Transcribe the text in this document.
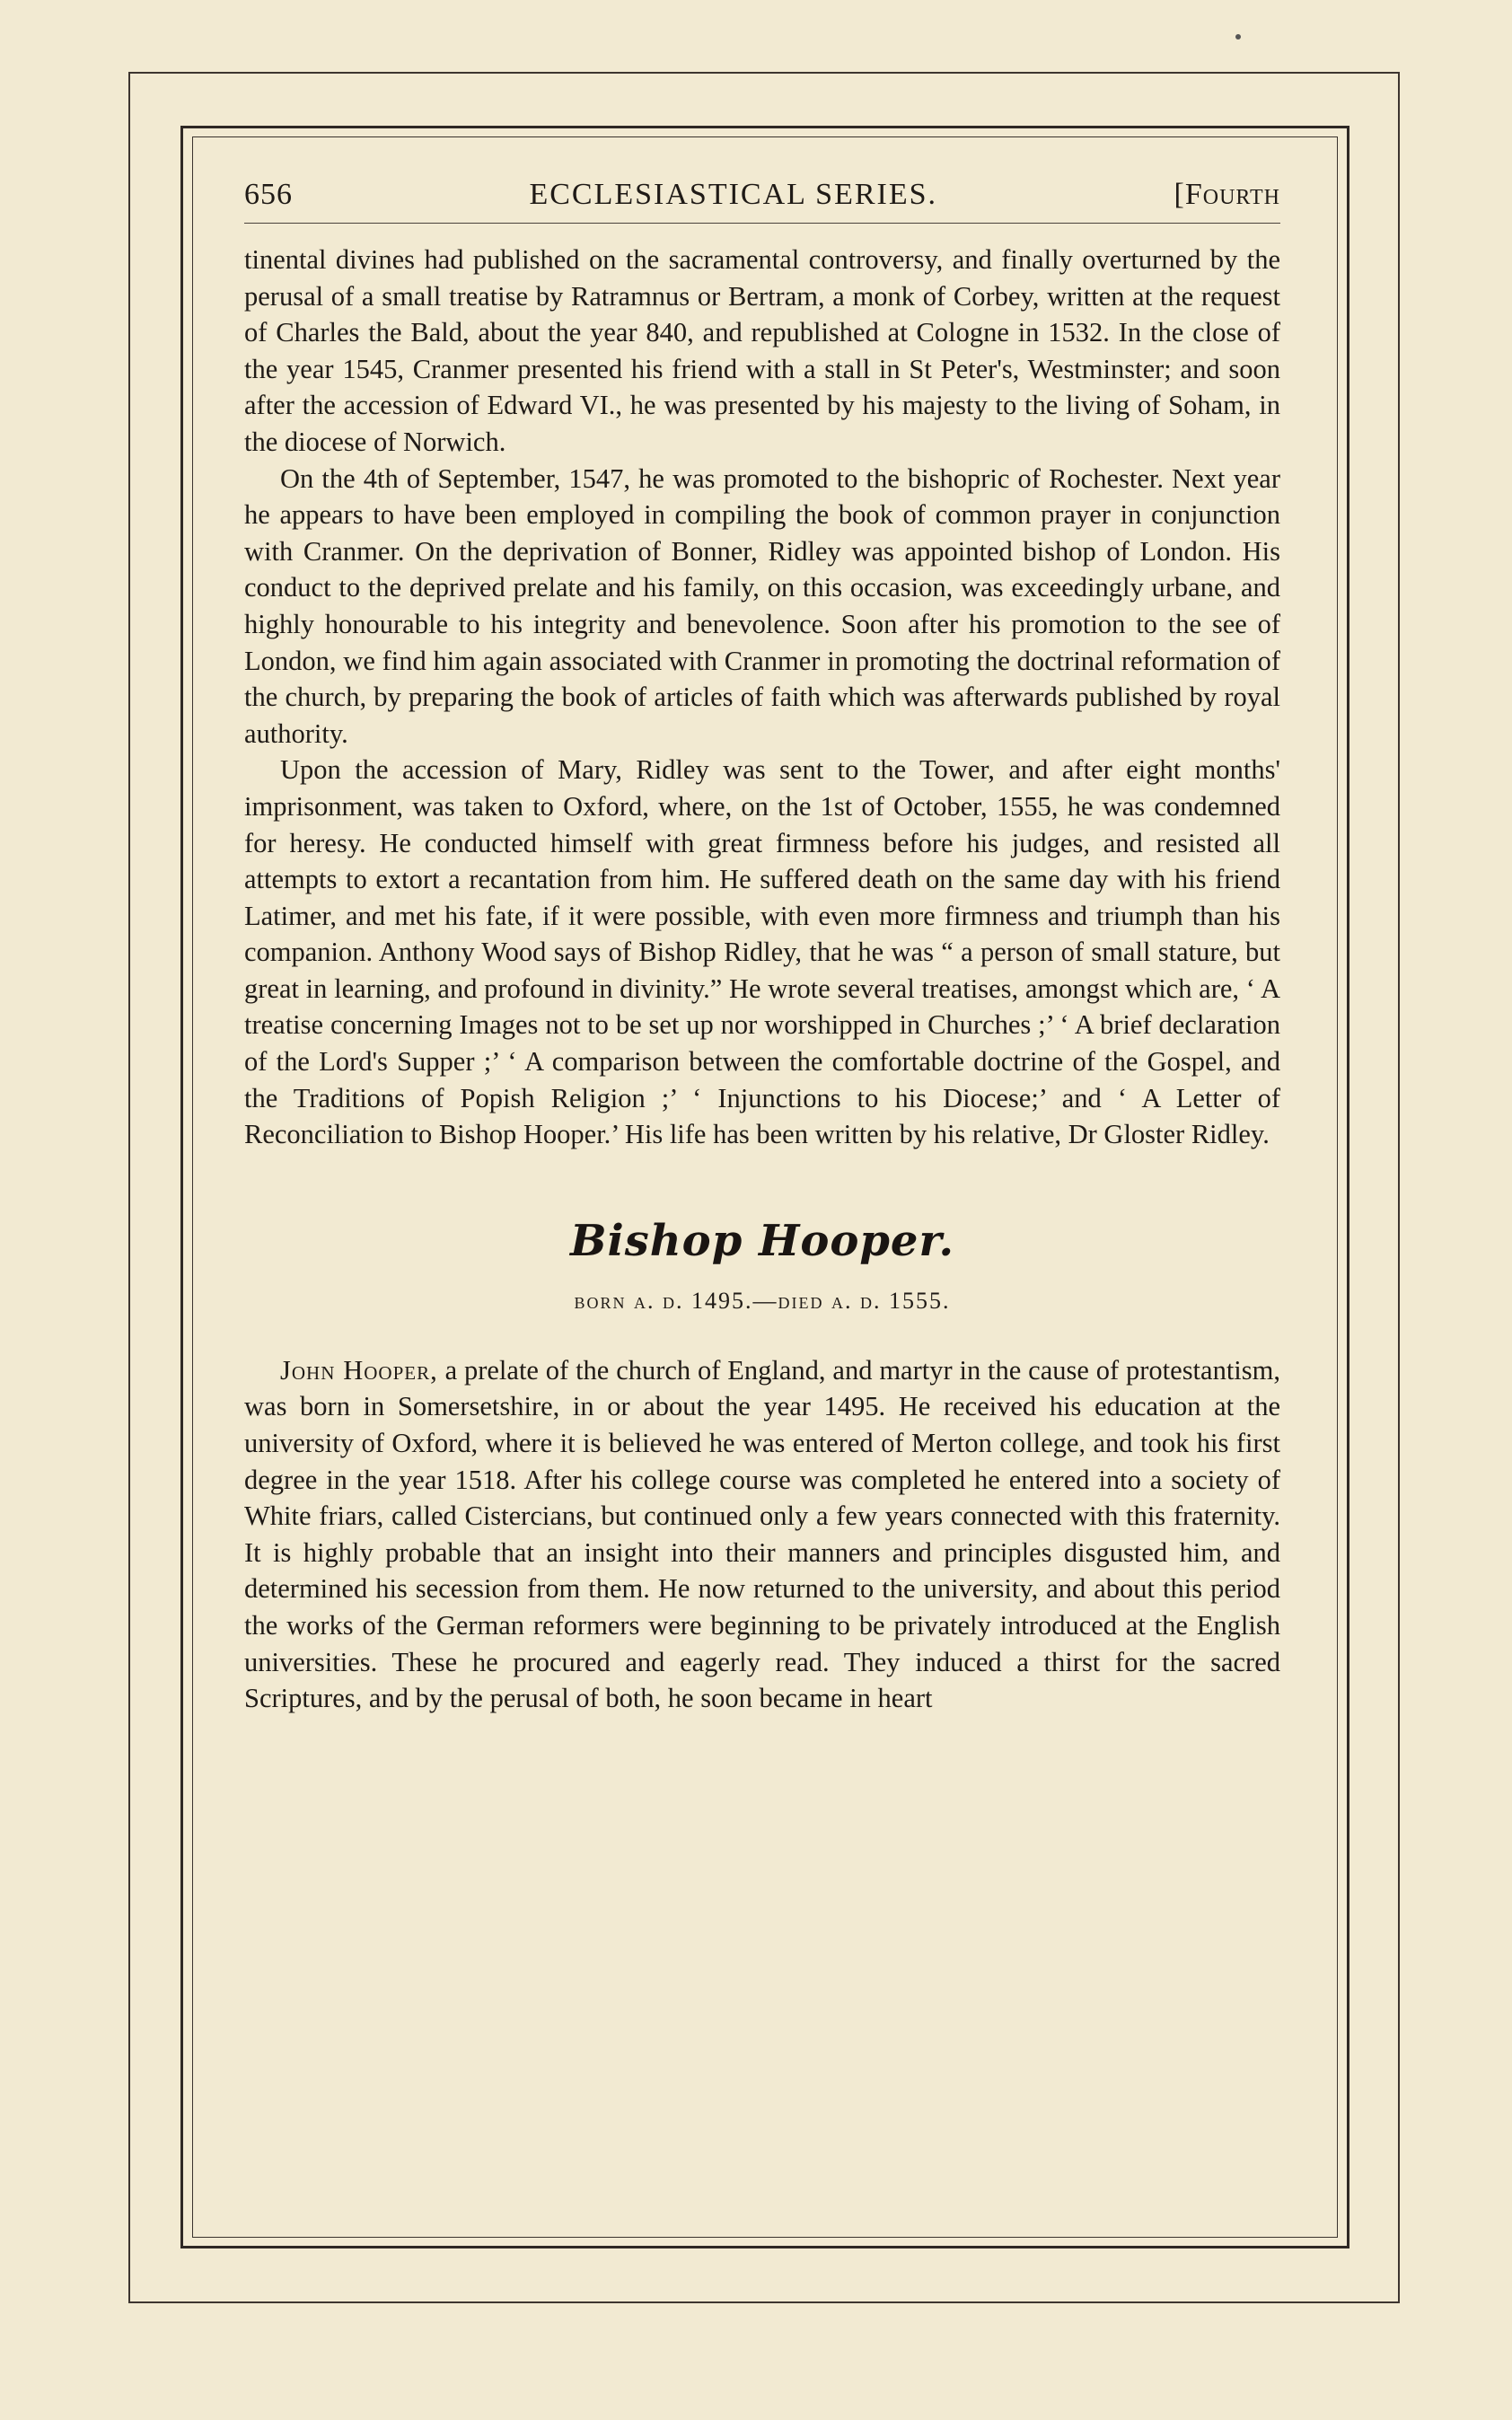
656	ECCLESIASTICAL SERIES.	[Fourth

tinental divines had published on the sacramental controversy, and finally overturned by the perusal of a small treatise by Ratramnus or Bertram, a monk of Corbey, written at the request of Charles the Bald, about the year 840, and republished at Cologne in 1532. In the close of the year 1545, Cranmer presented his friend with a stall in St Peter's, Westminster; and soon after the accession of Edward VI., he was presented by his majesty to the living of Soham, in the diocese of Norwich.

On the 4th of September, 1547, he was promoted to the bishopric of Rochester. Next year he appears to have been employed in compiling the book of common prayer in conjunction with Cranmer. On the deprivation of Bonner, Ridley was appointed bishop of London. His conduct to the deprived prelate and his family, on this occasion, was exceedingly urbane, and highly honourable to his integrity and benevolence. Soon after his promotion to the see of London, we find him again associated with Cranmer in promoting the doctrinal reformation of the church, by preparing the book of articles of faith which was afterwards published by royal authority.

Upon the accession of Mary, Ridley was sent to the Tower, and after eight months' imprisonment, was taken to Oxford, where, on the 1st of October, 1555, he was condemned for heresy. He conducted himself with great firmness before his judges, and resisted all attempts to extort a recantation from him. He suffered death on the same day with his friend Latimer, and met his fate, if it were possible, with even more firmness and triumph than his companion. Anthony Wood says of Bishop Ridley, that he was “ a person of small stature, but great in learning, and profound in divinity.” He wrote several treatises, amongst which are, ‘ A treatise concerning Images not to be set up nor worshipped in Churches ;’ ‘ A brief declaration of the Lord's Supper ;’ ‘ A comparison between the comfortable doctrine of the Gospel, and the Traditions of Popish Religion ;’ ‘ Injunctions to his Diocese;’ and ‘ A Letter of Reconciliation to Bishop Hooper.’ His life has been written by his relative, Dr Gloster Ridley.

Bishop Hooper.
born a. d. 1495.—died a. d. 1555.

John Hooper, a prelate of the church of England, and martyr in the cause of protestantism, was born in Somersetshire, in or about the year 1495. He received his education at the university of Oxford, where it is believed he was entered of Merton college, and took his first degree in the year 1518. After his college course was completed he entered into a society of White friars, called Cistercians, but continued only a few years connected with this fraternity. It is highly probable that an insight into their manners and principles disgusted him, and determined his secession from them. He now returned to the university, and about this period the works of the German reformers were beginning to be privately introduced at the English universities. These he procured and eagerly read. They induced a thirst for the sacred Scriptures, and by the perusal of both, he soon became in heart
